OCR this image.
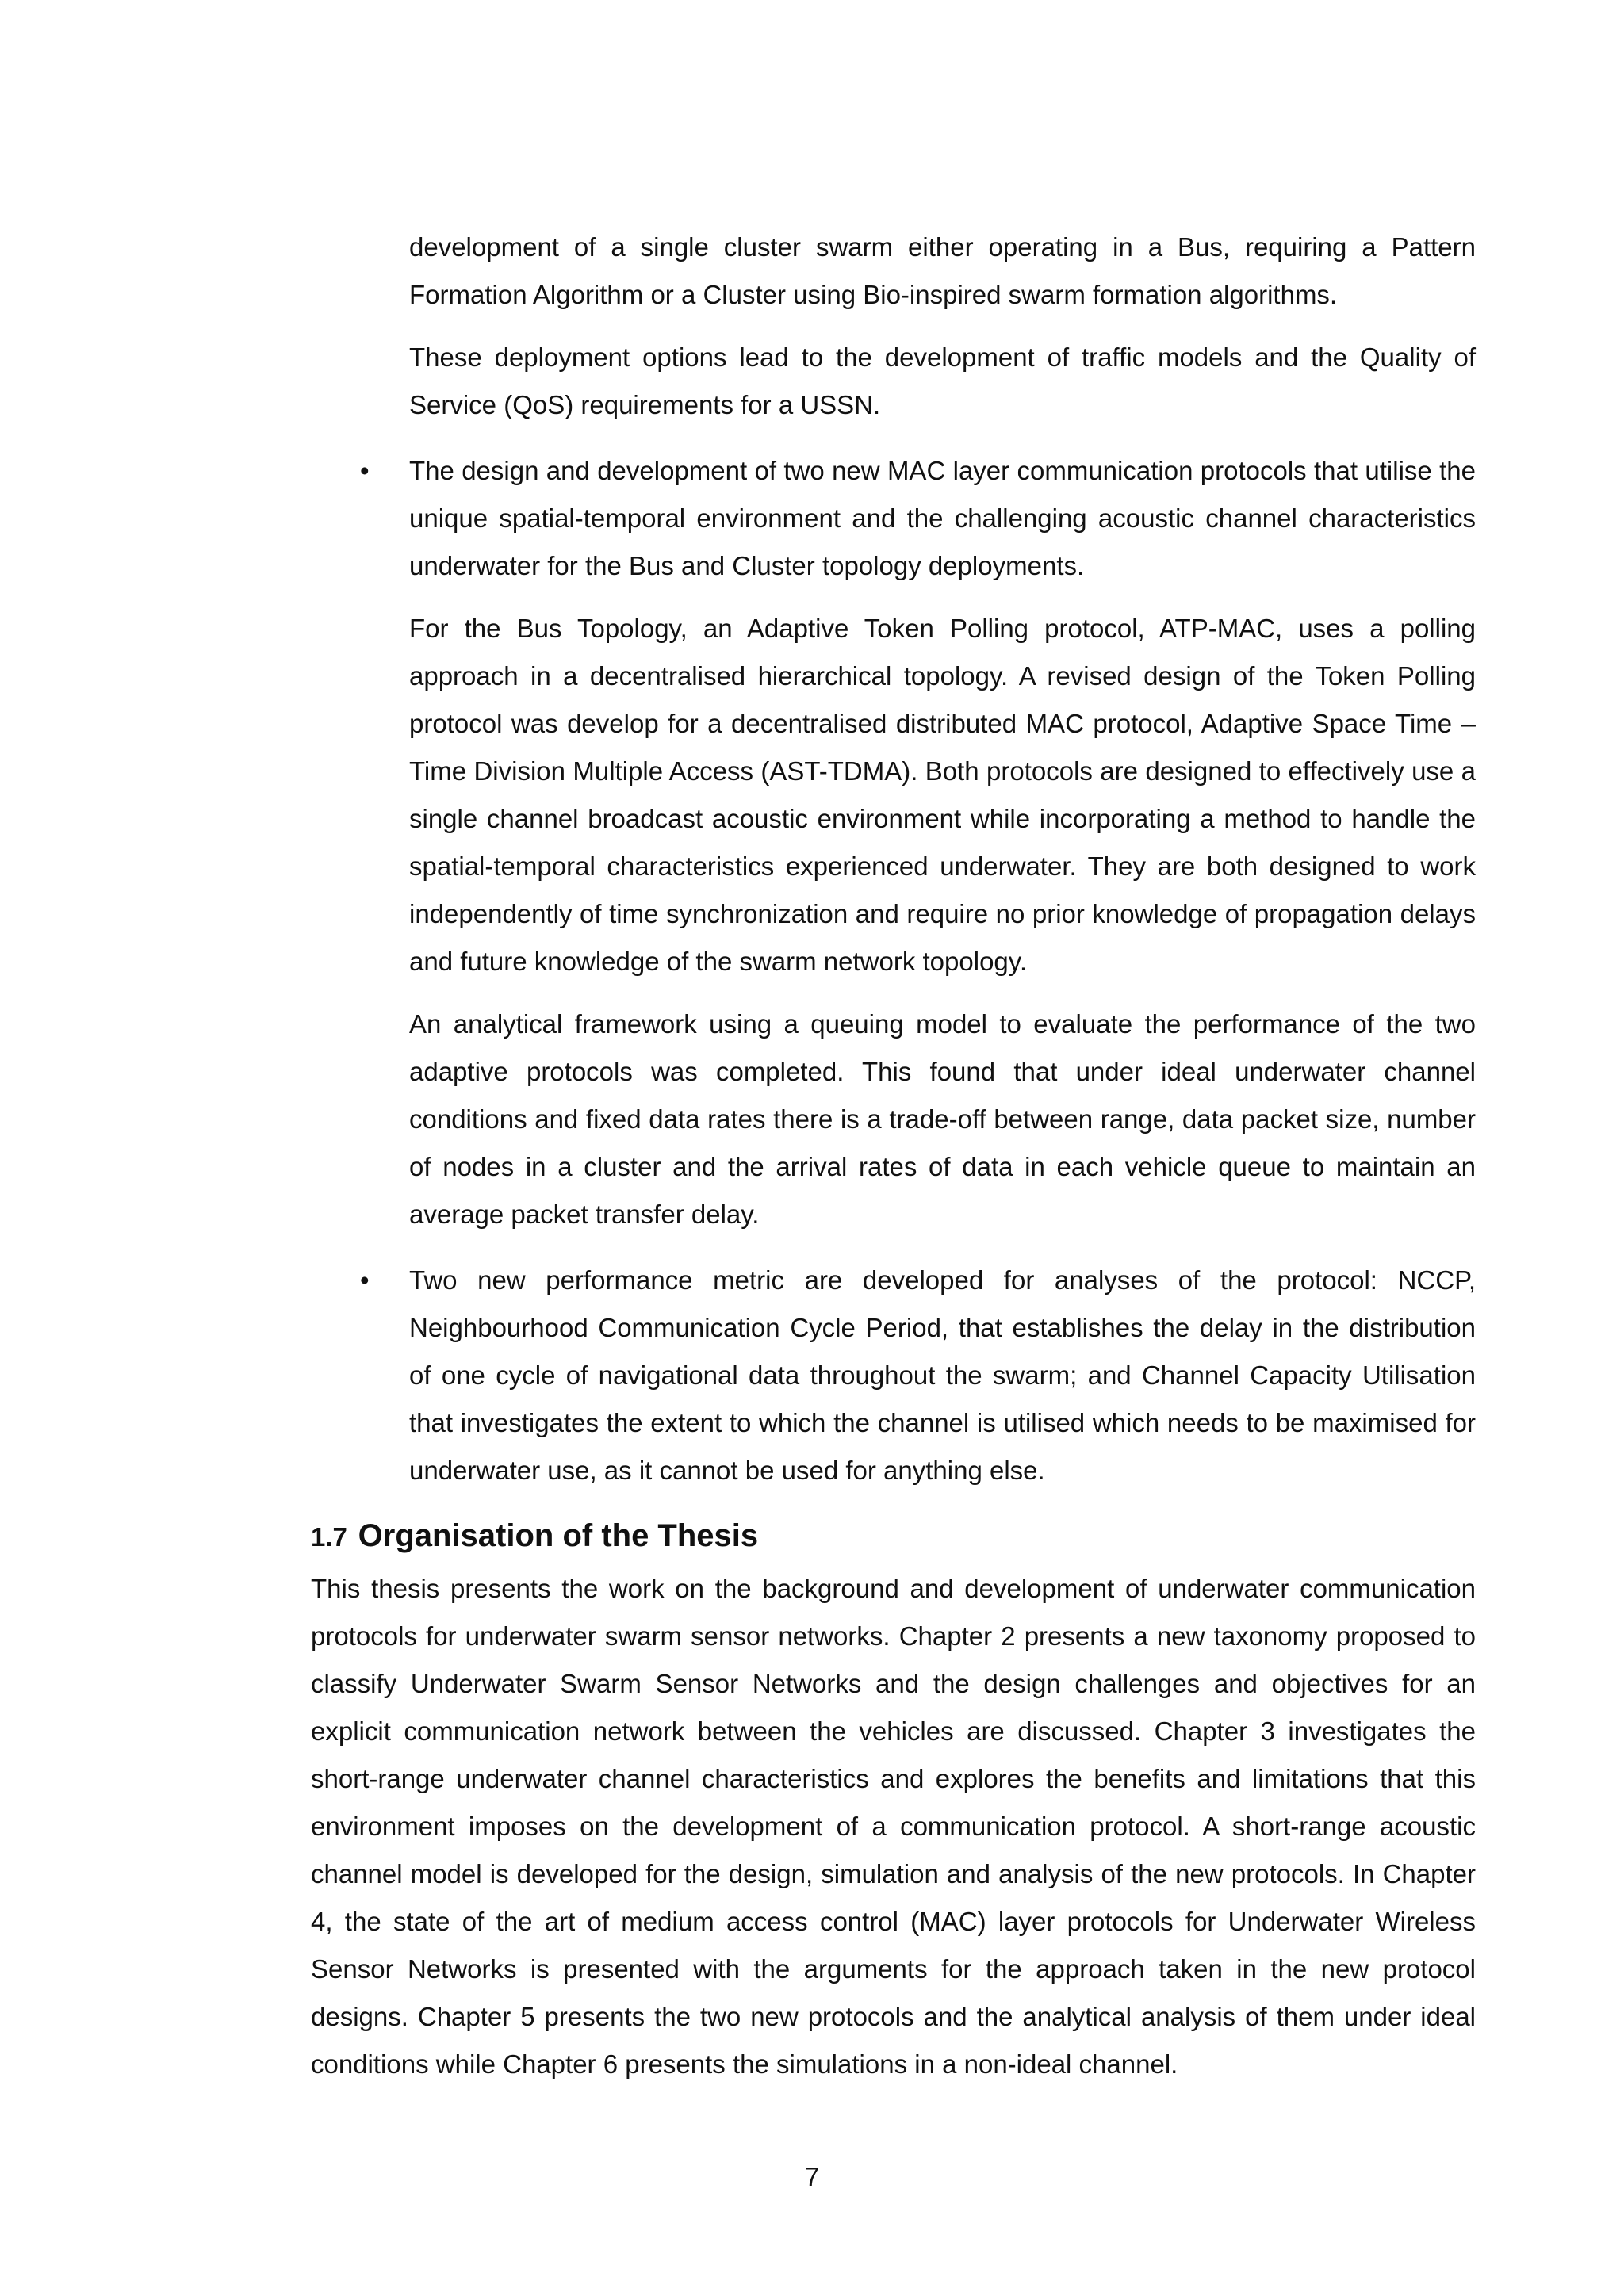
development of a single cluster swarm either operating in a Bus, requiring a Pattern Formation Algorithm or a Cluster using Bio-inspired swarm formation algorithms.

These deployment options lead to the development of traffic models and the Quality of Service (QoS) requirements for a USSN.

• The design and development of two new MAC layer communication protocols that utilise the unique spatial-temporal environment and the challenging acoustic channel characteristics underwater for the Bus and Cluster topology deployments.

For the Bus Topology, an Adaptive Token Polling protocol, ATP-MAC, uses a polling approach in a decentralised hierarchical topology. A revised design of the Token Polling protocol was develop for a decentralised distributed MAC protocol, Adaptive Space Time – Time Division Multiple Access (AST-TDMA). Both protocols are designed to effectively use a single channel broadcast acoustic environment while incorporating a method to handle the spatial-temporal characteristics experienced underwater. They are both designed to work independently of time synchronization and require no prior knowledge of propagation delays and future knowledge of the swarm network topology.

An analytical framework using a queuing model to evaluate the performance of the two adaptive protocols was completed. This found that under ideal underwater channel conditions and fixed data rates there is a trade-off between range, data packet size, number of nodes in a cluster and the arrival rates of data in each vehicle queue to maintain an average packet transfer delay.

• Two new performance metric are developed for analyses of the protocol: NCCP, Neighbourhood Communication Cycle Period, that establishes the delay in the distribution of one cycle of navigational data throughout the swarm; and Channel Capacity Utilisation that investigates the extent to which the channel is utilised which needs to be maximised for underwater use, as it cannot be used for anything else.

1.7 Organisation of the Thesis

This thesis presents the work on the background and development of underwater communication protocols for underwater swarm sensor networks. Chapter 2 presents a new taxonomy proposed to classify Underwater Swarm Sensor Networks and the design challenges and objectives for an explicit communication network between the vehicles are discussed. Chapter 3 investigates the short-range underwater channel characteristics and explores the benefits and limitations that this environment imposes on the development of a communication protocol. A short-range acoustic channel model is developed for the design, simulation and analysis of the new protocols. In Chapter 4, the state of the art of medium access control (MAC) layer protocols for Underwater Wireless Sensor Networks is presented with the arguments for the approach taken in the new protocol designs. Chapter 5 presents the two new protocols and the analytical analysis of them under ideal conditions while Chapter 6 presents the simulations in a non-ideal channel.

7
